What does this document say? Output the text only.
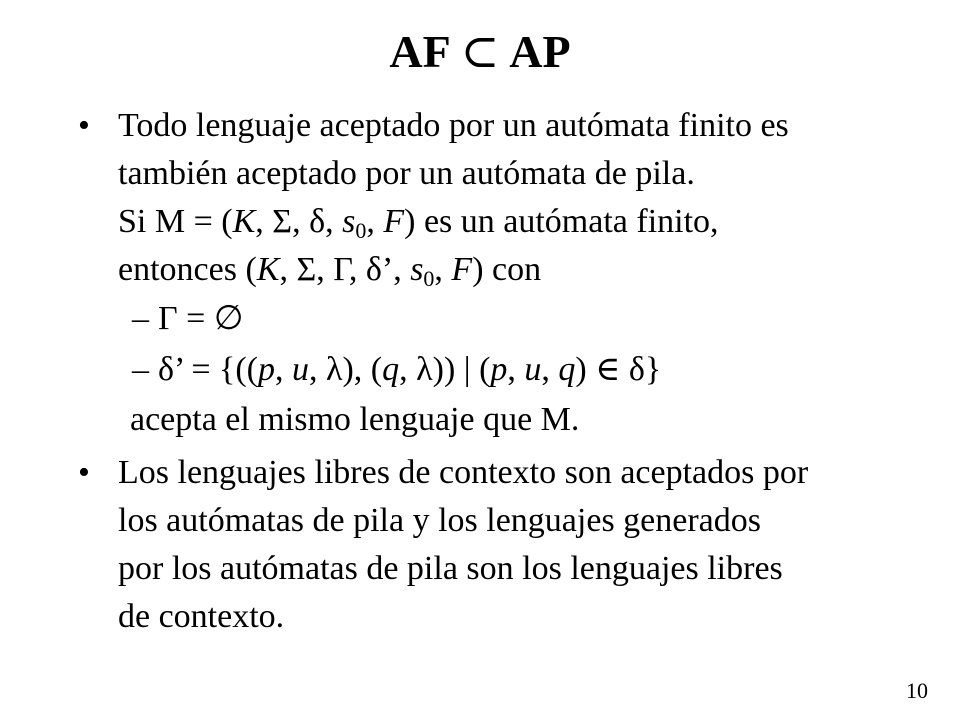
AF ⊂ AP
• Todo lenguaje aceptado por un autómata finito es
también aceptado por un autómata de pila.
Si M = (K, Σ, δ, $s_0$, F) es un autómata finito,
entonces (K, Σ, Γ, δ’, $s_0$, F) con
– Γ = ∅
– δ’ = {((p, u, λ), (q, λ)) | (p, u, q) ∈ δ}
acepta el mismo lenguaje que M.
• Los lenguajes libres de contexto son aceptados por
los autómatas de pila y los lenguajes generados
por los autómatas de pila son los lenguajes libres
de contexto.
10
